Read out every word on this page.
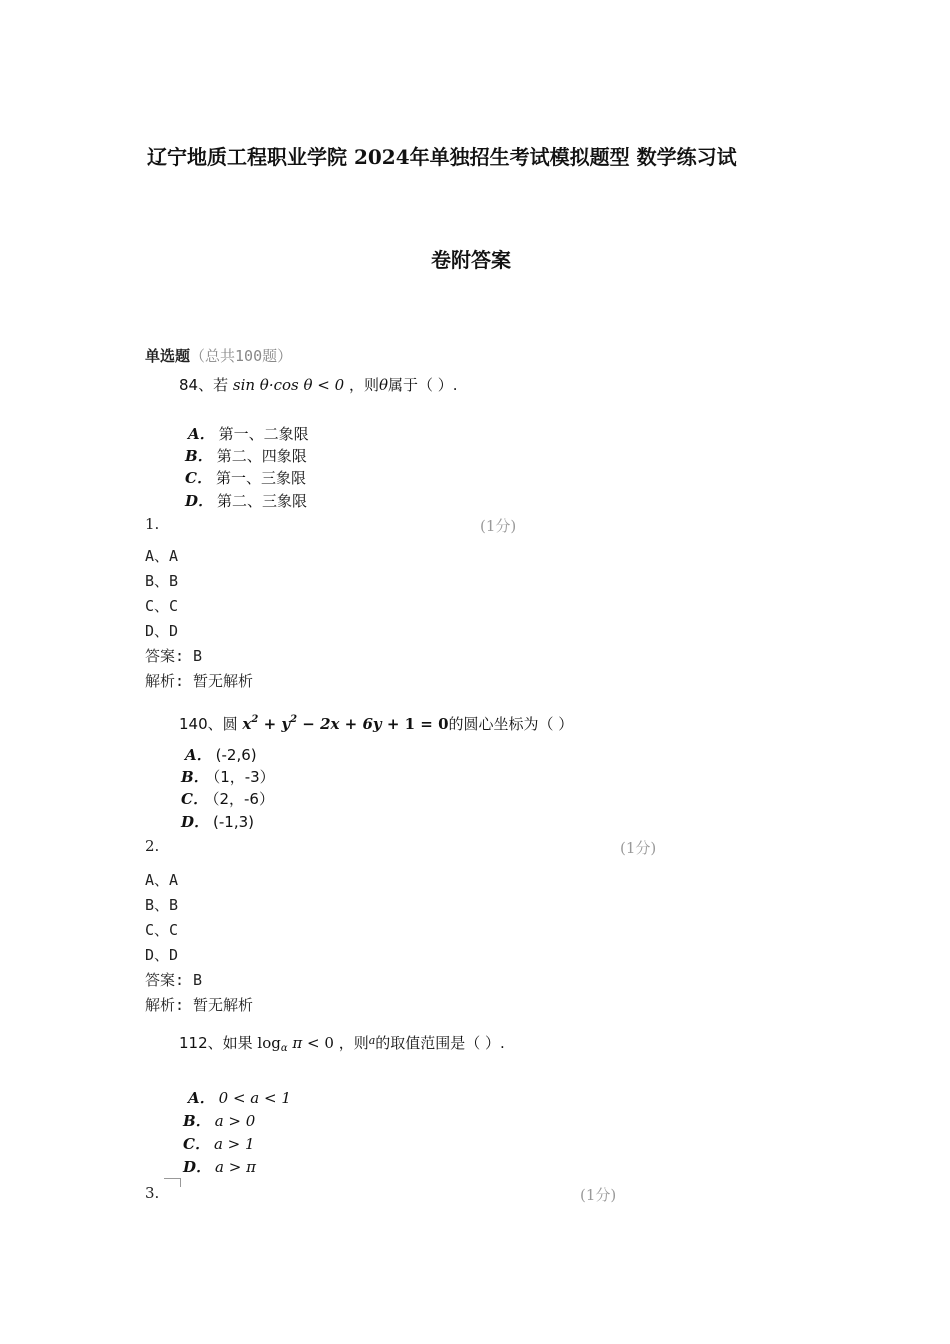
辽宁地质工程职业学院 2024年单独招生考试模拟题型 数学练习试
卷附答案
单选题（总共100题）
84、若 sin θ·cos θ < 0 ，则θ属于（ ）.
A． 第一、二象限
B． 第二、四象限
C． 第一、三象限
D． 第二、三象限
1.	(1分)
A、A
B、B
C、C
D、D
答案: B
解析: 暂无解析
140、圆 $x^2 + y^2 - 2x + 6y + 1 = 0$的圆心坐标为（ ）
A． (-2,6)
B． （1，-3）
C． （2，-6）
D． (-1,3)
2.	(1分)
A、A
B、B
C、C
D、D
答案: B
解析: 暂无解析
112、如果 $\log_\alpha \pi < 0$ ，则$^a$的取值范围是（ ）.
A． 0 < a < 1
B． a > 0
C． a > 1
D． a > π
3.	(1分)
